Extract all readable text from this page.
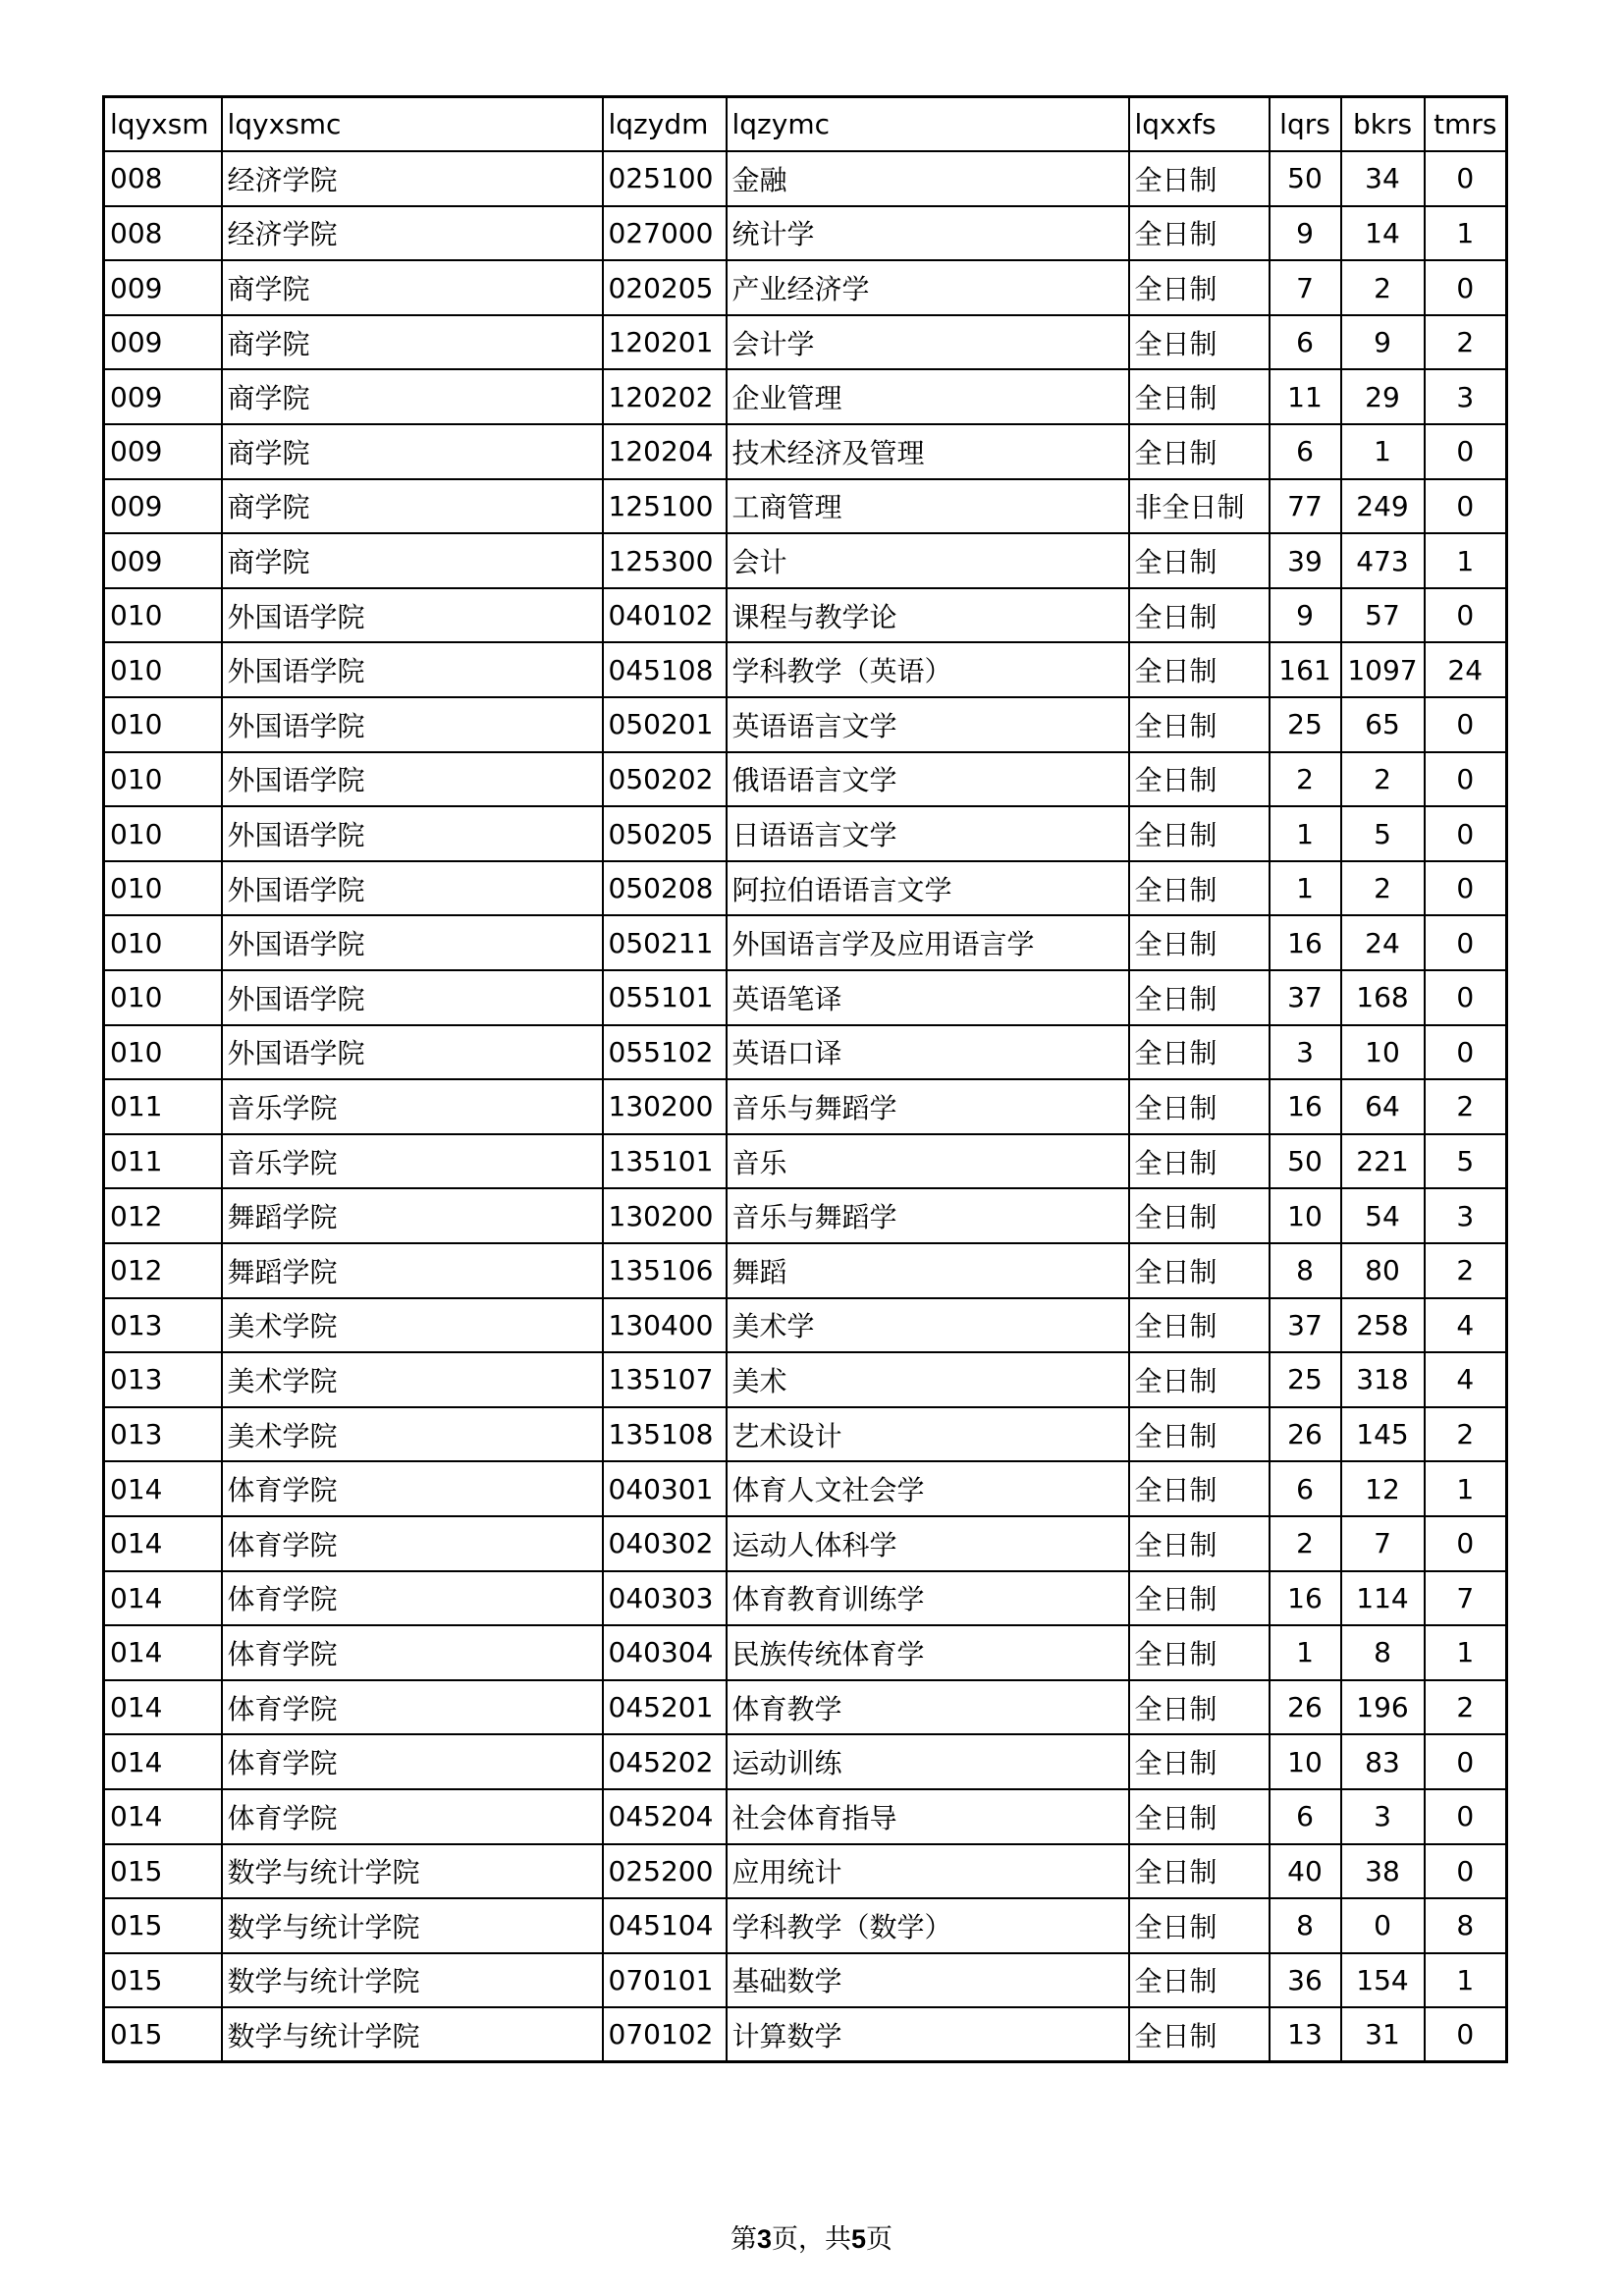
lqyxsm	lqyxsmc	lqzydm	lqzymc	lqxxfs	lqrs	bkrs	tmrs
008	经济学院	025100	金融	全日制	50	34	0
008	经济学院	027000	统计学	全日制	9	14	1
009	商学院	020205	产业经济学	全日制	7	2	0
009	商学院	120201	会计学	全日制	6	9	2
009	商学院	120202	企业管理	全日制	11	29	3
009	商学院	120204	技术经济及管理	全日制	6	1	0
009	商学院	125100	工商管理	非全日制	77	249	0
009	商学院	125300	会计	全日制	39	473	1
010	外国语学院	040102	课程与教学论	全日制	9	57	0
010	外国语学院	045108	学科教学（英语）	全日制	161	1097	24
010	外国语学院	050201	英语语言文学	全日制	25	65	0
010	外国语学院	050202	俄语语言文学	全日制	2	2	0
010	外国语学院	050205	日语语言文学	全日制	1	5	0
010	外国语学院	050208	阿拉伯语语言文学	全日制	1	2	0
010	外国语学院	050211	外国语言学及应用语言学	全日制	16	24	0
010	外国语学院	055101	英语笔译	全日制	37	168	0
010	外国语学院	055102	英语口译	全日制	3	10	0
011	音乐学院	130200	音乐与舞蹈学	全日制	16	64	2
011	音乐学院	135101	音乐	全日制	50	221	5
012	舞蹈学院	130200	音乐与舞蹈学	全日制	10	54	3
012	舞蹈学院	135106	舞蹈	全日制	8	80	2
013	美术学院	130400	美术学	全日制	37	258	4
013	美术学院	135107	美术	全日制	25	318	4
013	美术学院	135108	艺术设计	全日制	26	145	2
014	体育学院	040301	体育人文社会学	全日制	6	12	1
014	体育学院	040302	运动人体科学	全日制	2	7	0
014	体育学院	040303	体育教育训练学	全日制	16	114	7
014	体育学院	040304	民族传统体育学	全日制	1	8	1
014	体育学院	045201	体育教学	全日制	26	196	2
014	体育学院	045202	运动训练	全日制	10	83	0
014	体育学院	045204	社会体育指导	全日制	6	3	0
015	数学与统计学院	025200	应用统计	全日制	40	38	0
015	数学与统计学院	045104	学科教学（数学）	全日制	8	0	8
015	数学与统计学院	070101	基础数学	全日制	36	154	1
015	数学与统计学院	070102	计算数学	全日制	13	31	0
第3页，共5页
